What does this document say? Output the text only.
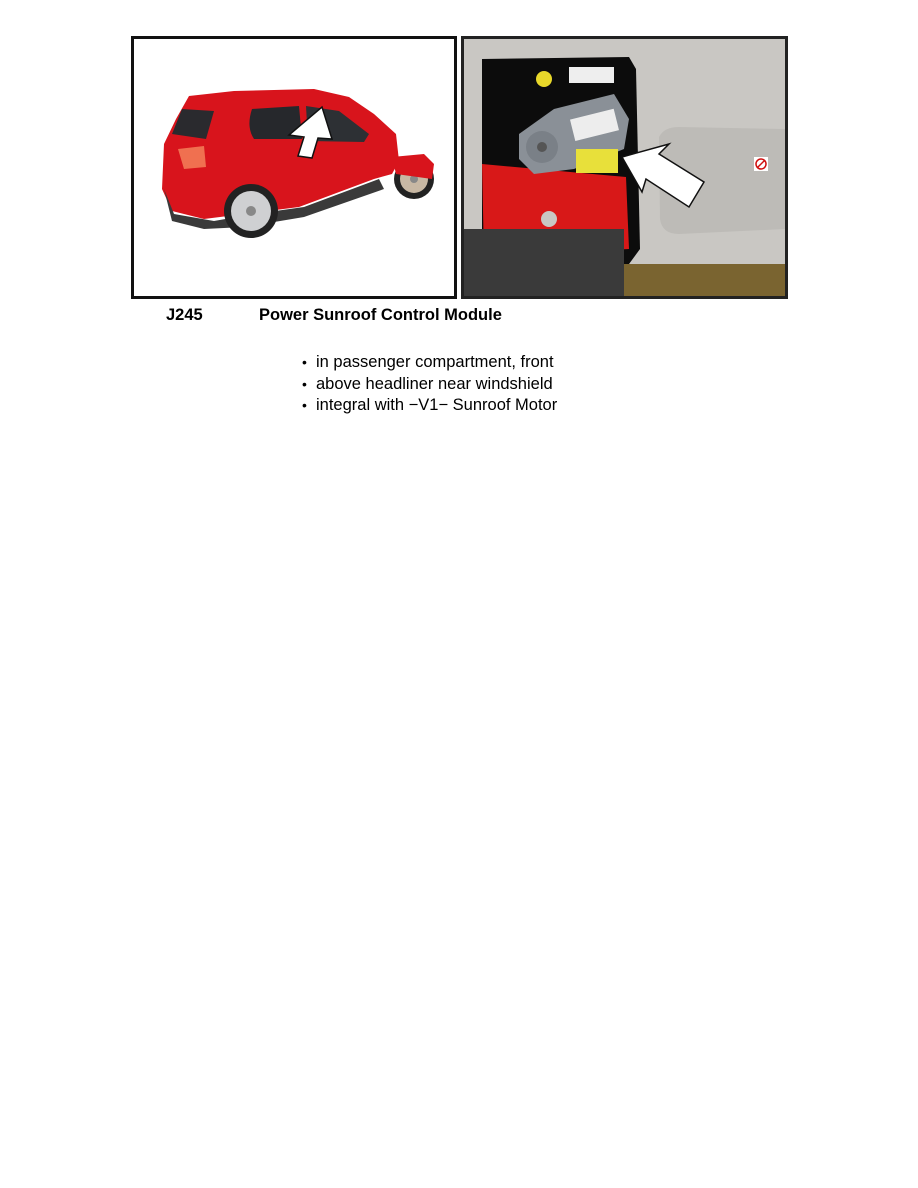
J245	Power Sunroof Control Module
• in passenger compartment, front
• above headliner near windshield
• integral with −V1− Sunroof Motor
